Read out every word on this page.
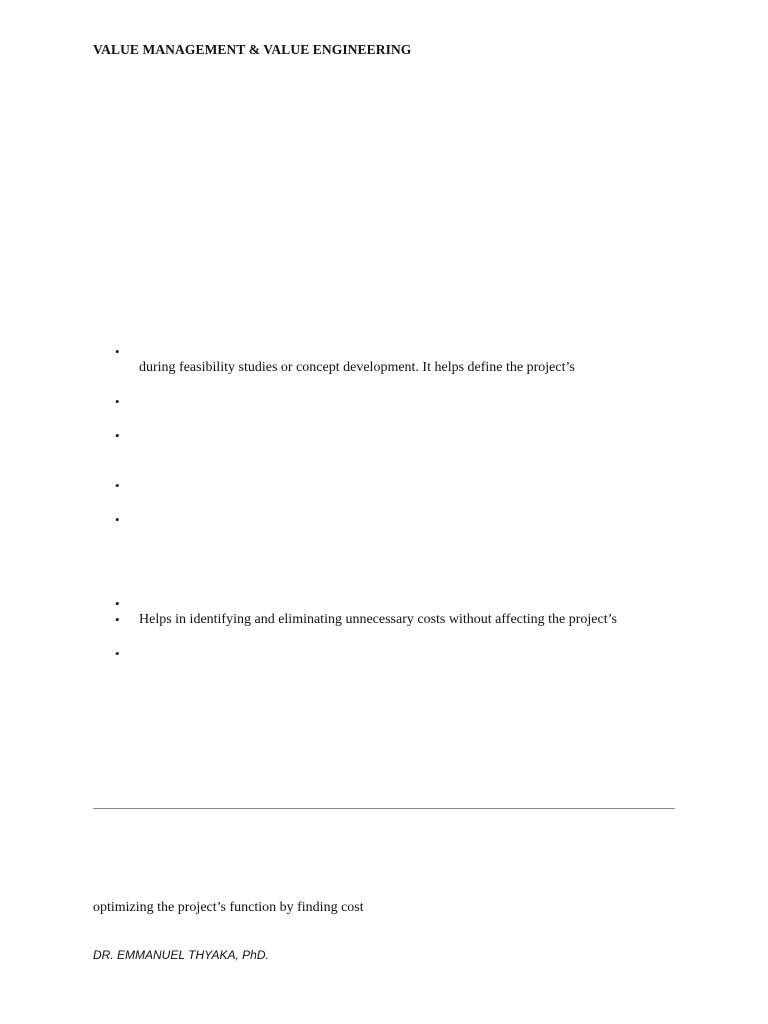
VALUE MANAGEMENT & VALUE ENGINEERING
•
during feasibility studies or concept development. It helps define the project’s
•
•
•
•
•
• Helps in identifying and eliminating unnecessary costs without affecting the project’s
•
optimizing the project’s function by finding cost
DR. EMMANUEL THYAKA, PhD.
